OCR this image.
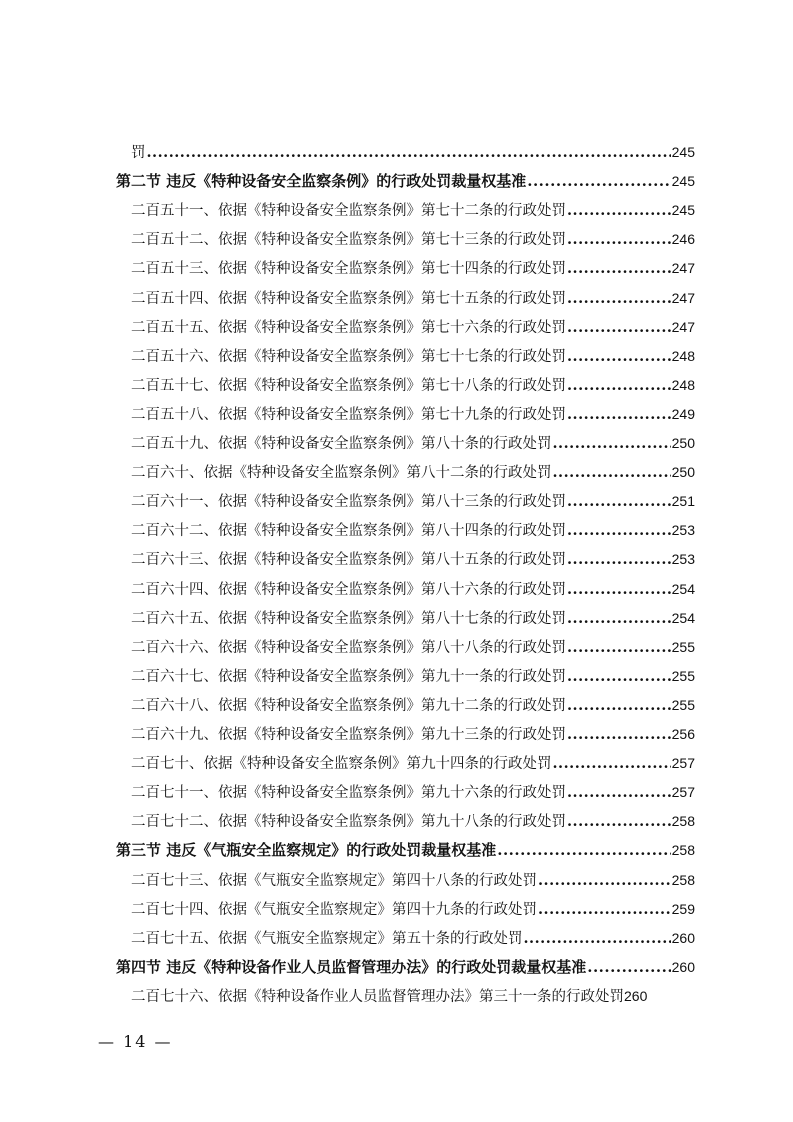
罚 .....	245
第二节 违反《特种设备安全监察条例》的行政处罚裁量权基准 .....	245
二百五十一、依据《特种设备安全监察条例》第七十二条的行政处罚 .....	245
二百五十二、依据《特种设备安全监察条例》第七十三条的行政处罚 .....	246
二百五十三、依据《特种设备安全监察条例》第七十四条的行政处罚 .....	247
二百五十四、依据《特种设备安全监察条例》第七十五条的行政处罚 .....	247
二百五十五、依据《特种设备安全监察条例》第七十六条的行政处罚 .....	247
二百五十六、依据《特种设备安全监察条例》第七十七条的行政处罚 .....	248
二百五十七、依据《特种设备安全监察条例》第七十八条的行政处罚 .....	248
二百五十八、依据《特种设备安全监察条例》第七十九条的行政处罚 .....	249
二百五十九、依据《特种设备安全监察条例》第八十条的行政处罚 .....	250
二百六十、依据《特种设备安全监察条例》第八十二条的行政处罚 .....	250
二百六十一、依据《特种设备安全监察条例》第八十三条的行政处罚 .....	251
二百六十二、依据《特种设备安全监察条例》第八十四条的行政处罚 .....	253
二百六十三、依据《特种设备安全监察条例》第八十五条的行政处罚 .....	253
二百六十四、依据《特种设备安全监察条例》第八十六条的行政处罚 .....	254
二百六十五、依据《特种设备安全监察条例》第八十七条的行政处罚 .....	254
二百六十六、依据《特种设备安全监察条例》第八十八条的行政处罚 .....	255
二百六十七、依据《特种设备安全监察条例》第九十一条的行政处罚 .....	255
二百六十八、依据《特种设备安全监察条例》第九十二条的行政处罚 .....	255
二百六十九、依据《特种设备安全监察条例》第九十三条的行政处罚 .....	256
二百七十、依据《特种设备安全监察条例》第九十四条的行政处罚 .....	257
二百七十一、依据《特种设备安全监察条例》第九十六条的行政处罚 .....	257
二百七十二、依据《特种设备安全监察条例》第九十八条的行政处罚 .....	258
第三节 违反《气瓶安全监察规定》的行政处罚裁量权基准 .....	258
二百七十三、依据《气瓶安全监察规定》第四十八条的行政处罚 .....	258
二百七十四、依据《气瓶安全监察规定》第四十九条的行政处罚 .....	259
二百七十五、依据《气瓶安全监察规定》第五十条的行政处罚 .....	260
第四节 违反《特种设备作业人员监督管理办法》的行政处罚裁量权基准 .....	260
二百七十六、依据《特种设备作业人员监督管理办法》第三十一条的行政处罚 260
— 14 —
